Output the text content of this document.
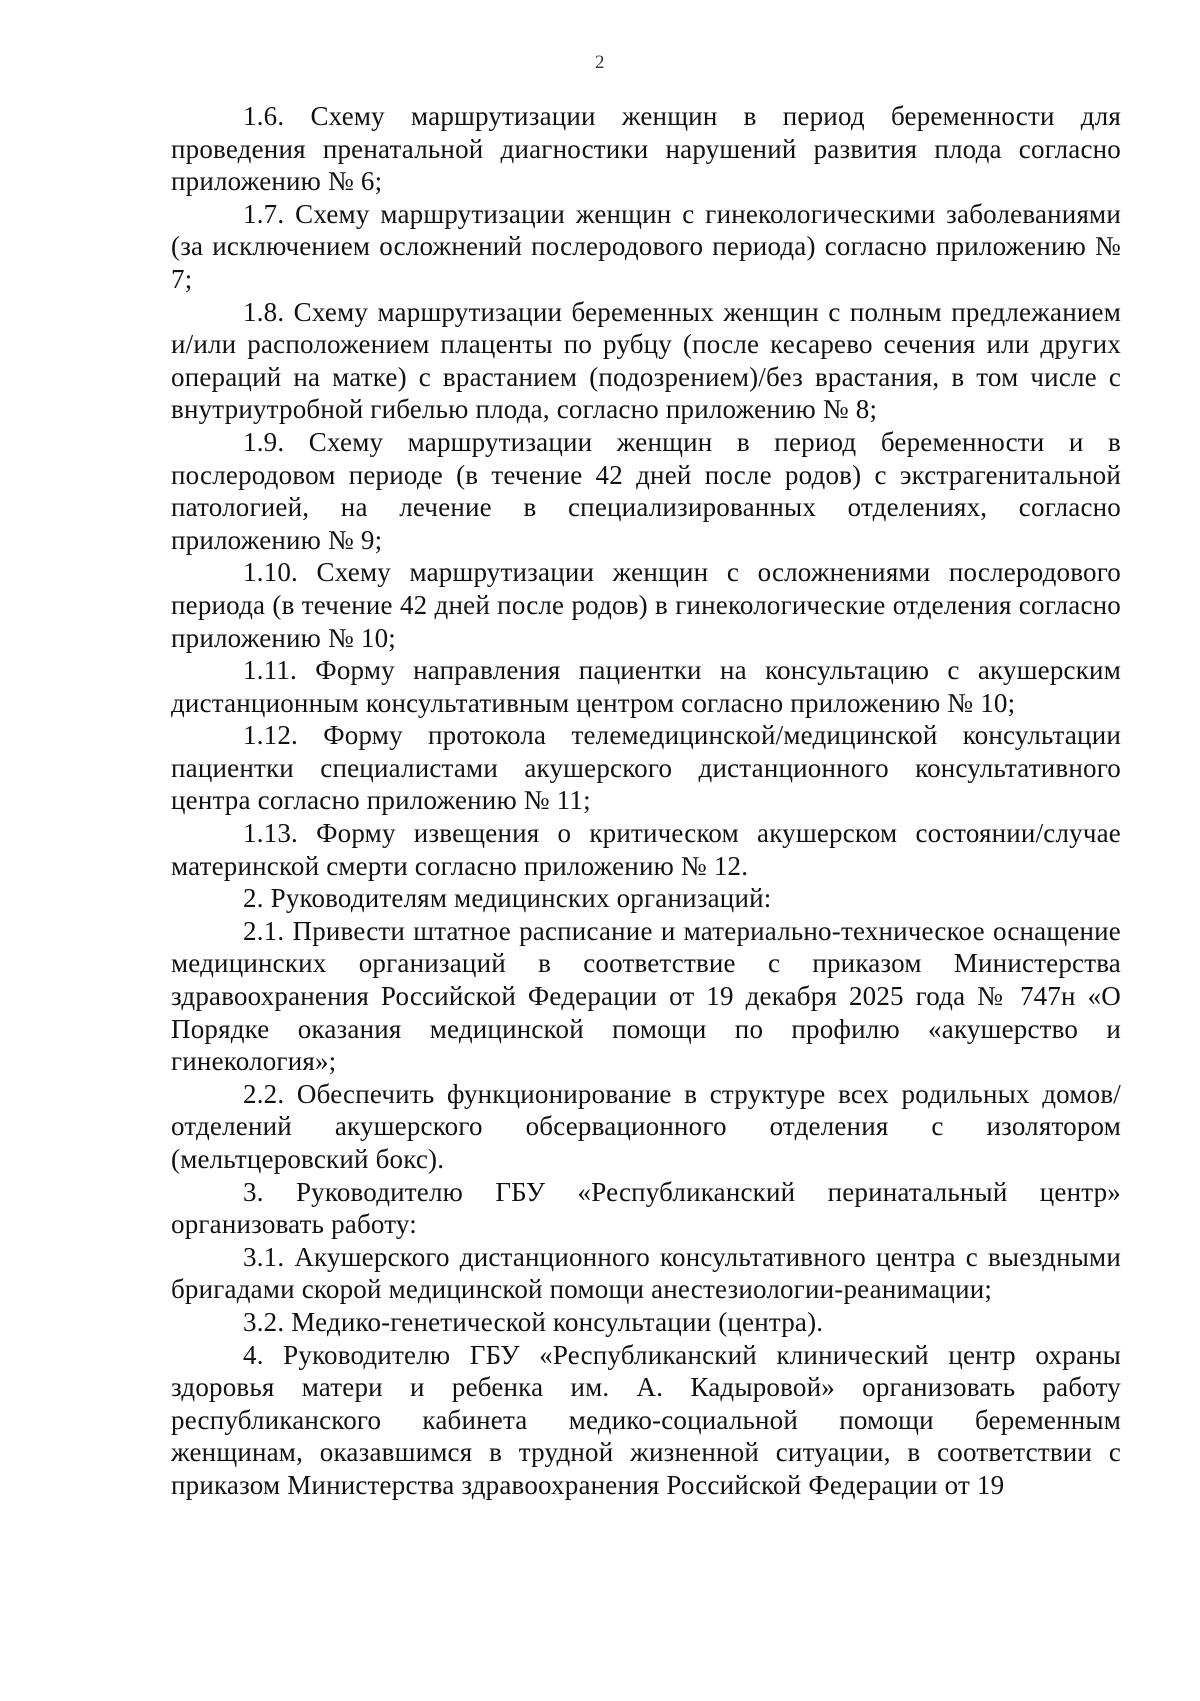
2

1.6. Схему маршрутизации женщин в период беременности для проведения пренатальной диагностики нарушений развития плода согласно приложению № 6;

1.7. Схему маршрутизации женщин с гинекологическими заболеваниями (за исключением осложнений послеродового периода) согласно приложению № 7;

1.8. Схему маршрутизации беременных женщин с полным предлежанием и/или расположением плаценты по рубцу (после кесарево сечения или других операций на матке) с врастанием (подозрением)/без врастания, в том числе с внутриутробной гибелью плода, согласно приложению № 8;

1.9. Схему маршрутизации женщин в период беременности и в послеродовом периоде (в течение 42 дней после родов) с экстрагенитальной патологией, на лечение в специализированных отделениях, согласно приложению № 9;

1.10. Схему маршрутизации женщин с осложнениями послеродового периода (в течение 42 дней после родов) в гинекологические отделения согласно приложению № 10;

1.11. Форму направления пациентки на консультацию с акушерским дистанционным консультативным центром согласно приложению № 10;

1.12. Форму протокола телемедицинской/медицинской консультации пациентки специалистами акушерского дистанционного консультативного центра согласно приложению № 11;

1.13. Форму извещения о критическом акушерском состоянии/случае материнской смерти согласно приложению № 12.

2. Руководителям медицинских организаций:

2.1. Привести штатное расписание и материально-техническое оснащение медицинских организаций в соответствие с приказом Министерства здравоохранения Российской Федерации от 19 декабря 2025 года № 747н «О Порядке оказания медицинской помощи по профилю «акушерство и гинекология»;

2.2. Обеспечить функционирование в структуре всех родильных домов/отделений акушерского обсервационного отделения с изолятором (мельтцеровский бокс).

3. Руководителю ГБУ «Республиканский перинатальный центр» организовать работу:

3.1. Акушерского дистанционного консультативного центра с выездными бригадами скорой медицинской помощи анестезиологии-реанимации;

3.2. Медико-генетической консультации (центра).

4. Руководителю ГБУ «Республиканский клинический центр охраны здоровья матери и ребенка им. А. Кадыровой» организовать работу республиканского кабинета медико-социальной помощи беременным женщинам, оказавшимся в трудной жизненной ситуации, в соответствии с приказом Министерства здравоохранения Российской Федерации от 19
